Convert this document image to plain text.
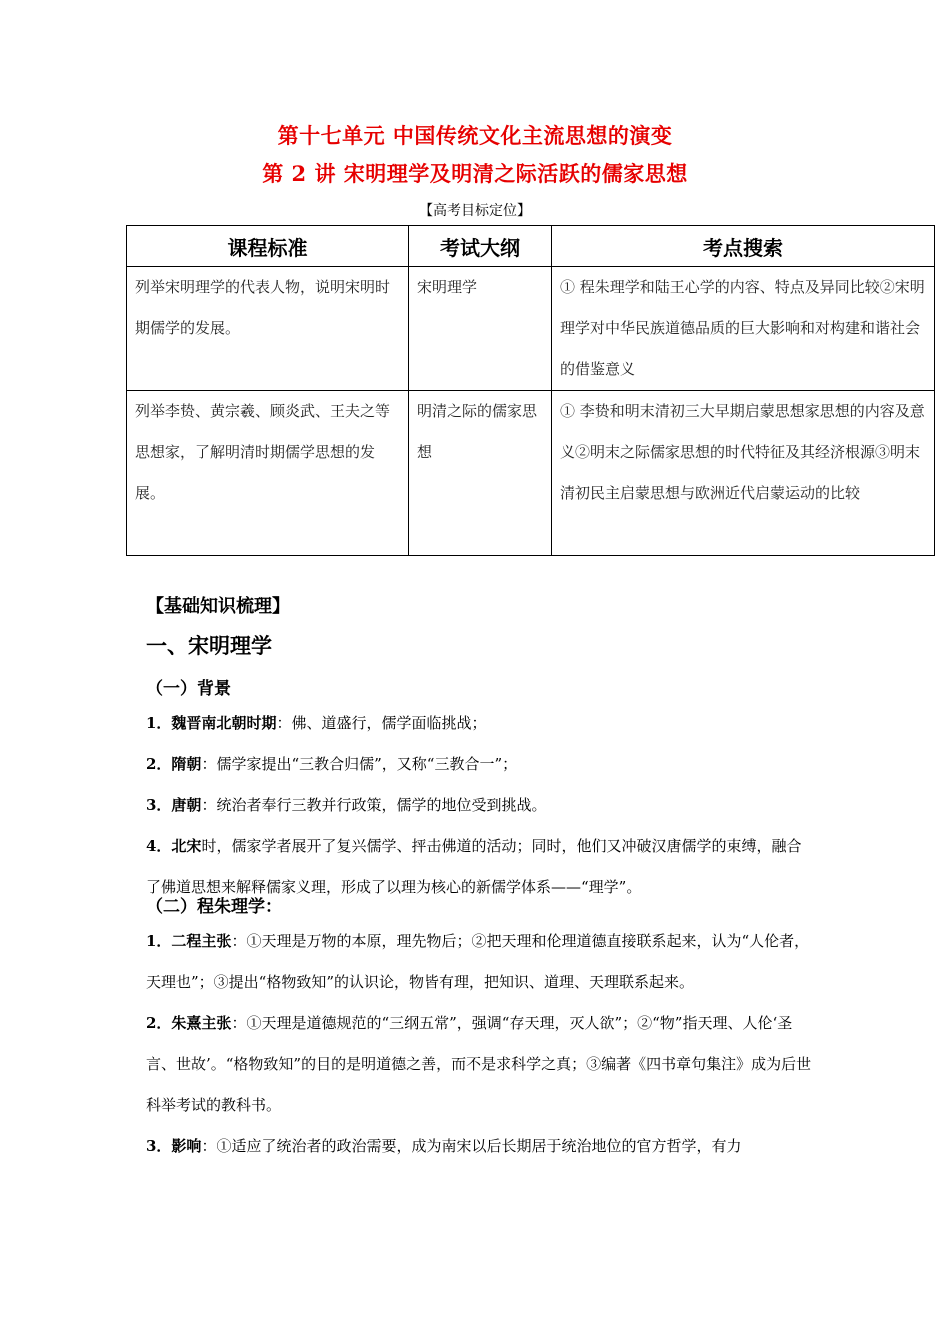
第十七单元 中国传统文化主流思想的演变
第 2 讲 宋明理学及明清之际活跃的儒家思想
【高考目标定位】
课程标准	考试大纲	考点搜索
列举宋明理学的代表人物，说明宋明时期儒学的发展。	宋明理学	① 程朱理学和陆王心学的内容、特点及异同比较②宋明理学对中华民族道德品质的巨大影响和对构建和谐社会的借鉴意义
列举李贽、黄宗羲、顾炎武、王夫之等思想家，了解明清时期儒学思想的发展。	明清之际的儒家思想	① 李贽和明末清初三大早期启蒙思想家思想的内容及意义②明末之际儒家思想的时代特征及其经济根源③明末清初民主启蒙思想与欧洲近代启蒙运动的比较
【基础知识梳理】
一、宋明理学
（一）背景
1．魏晋南北朝时期：佛、道盛行，儒学面临挑战；
2．隋朝：儒学家提出“三教合归儒”，又称“三教合一”；
3．唐朝：统治者奉行三教并行政策，儒学的地位受到挑战。
4．北宋时，儒家学者展开了复兴儒学、抨击佛道的活动；同时，他们又冲破汉唐儒学的束缚，融合了佛道思想来解释儒家义理，形成了以理为核心的新儒学体系——“理学”。
（二）程朱理学：
1．二程主张：①天理是万物的本原，理先物后；②把天理和伦理道德直接联系起来，认为“人伦者，天理也”；③提出“格物致知”的认识论，物皆有理，把知识、道理、天理联系起来。
2．朱熹主张：①天理是道德规范的“三纲五常”，强调“存天理，灭人欲”；②“物”指天理、人伦‘圣言、世故’。“格物致知”的目的是明道德之善，而不是求科学之真；③编著《四书章句集注》成为后世科举考试的教科书。
3．影响：①适应了统治者的政治需要，成为南宋以后长期居于统治地位的官方哲学，有力
